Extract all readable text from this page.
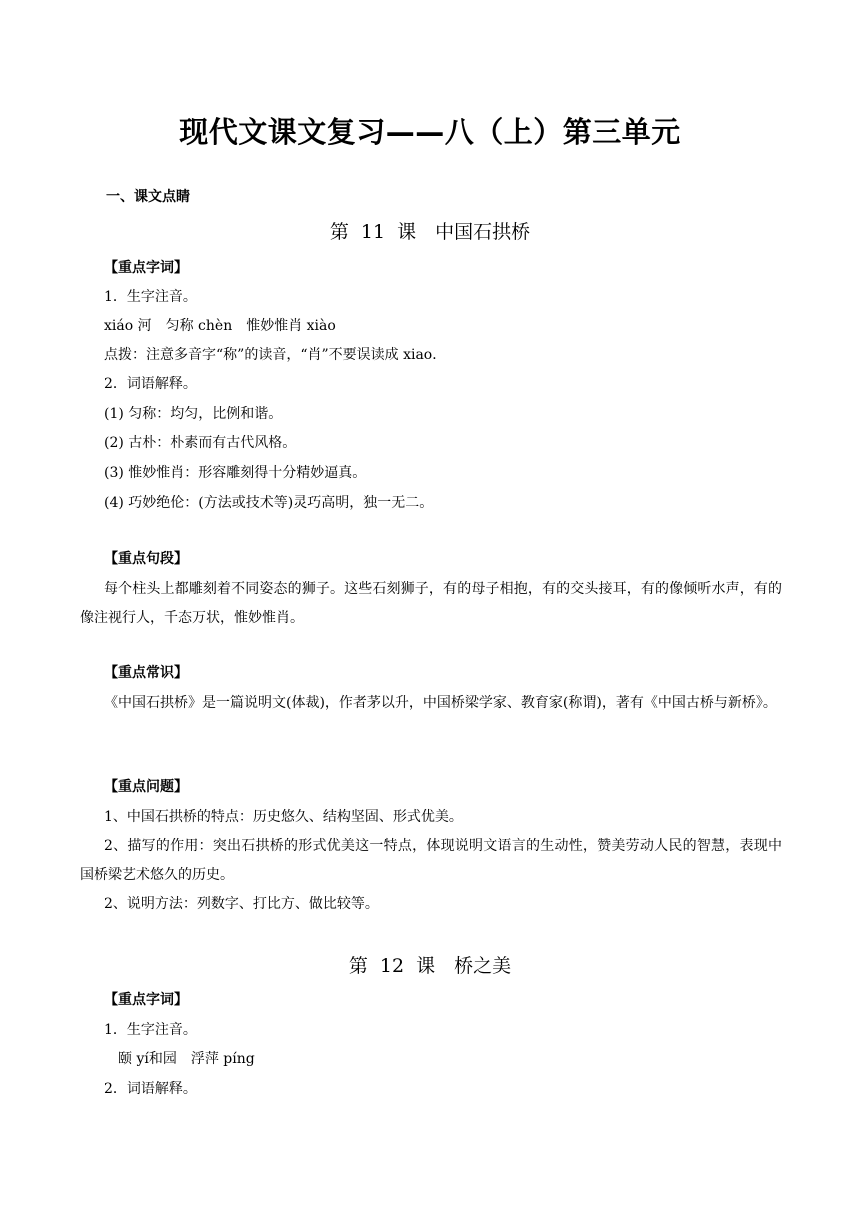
现代文课文复习——八（上）第三单元
一、课文点睛
第 11 课　中国石拱桥
【重点字词】
1．生字注音。
xiáo 河　匀称 chèn　惟妙惟肖 xiào
点拨：注意多音字“称”的读音，“肖”不要误读成 xiao．
2．词语解释。
(1) 匀称：均匀，比例和谐。
(2) 古朴：朴素而有古代风格。
(3) 惟妙惟肖：形容雕刻得十分精妙逼真。
(4) 巧妙绝伦：(方法或技术等)灵巧高明，独一无二。
【重点句段】
每个柱头上都雕刻着不同姿态的狮子。这些石刻狮子，有的母子相抱，有的交头接耳，有的像倾听水声，有的像注视行人，千态万状，惟妙惟肖。
【重点常识】
《中国石拱桥》是一篇说明文(体裁)，作者茅以升，中国桥梁学家、教育家(称谓)，著有《中国古桥与新桥》。
【重点问题】
1、中国石拱桥的特点：历史悠久、结构坚固、形式优美。
2、描写的作用：突出石拱桥的形式优美这一特点，体现说明文语言的生动性，赞美劳动人民的智慧，表现中国桥梁艺术悠久的历史。
2、说明方法：列数字、打比方、做比较等。
第 12 课　桥之美
【重点字词】
1．生字注音。
颐 yí和园　浮萍 píng
2．词语解释。
